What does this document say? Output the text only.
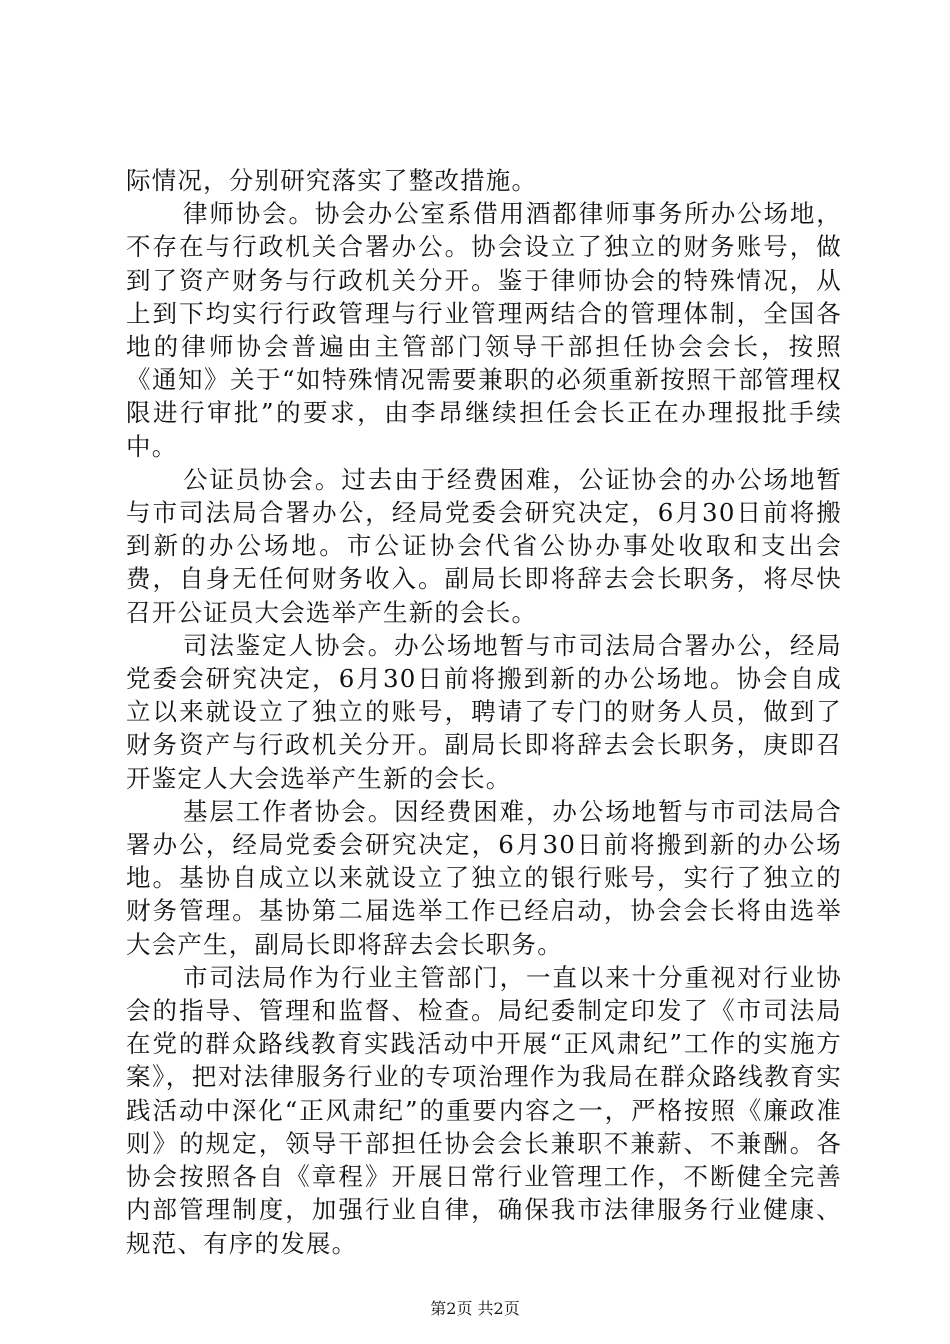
际情况，分别研究落实了整改措施。

律师协会。协会办公室系借用酒都律师事务所办公场地，不存在与行政机关合署办公。协会设立了独立的财务账号，做到了资产财务与行政机关分开。鉴于律师协会的特殊情况，从上到下均实行行政管理与行业管理两结合的管理体制，全国各地的律师协会普遍由主管部门领导干部担任协会会长，按照《通知》关于“如特殊情况需要兼职的必须重新按照干部管理权限进行审批”的要求，由李昂继续担任会长正在办理报批手续中。

公证员协会。过去由于经费困难，公证协会的办公场地暂与市司法局合署办公，经局党委会研究决定，6月30日前将搬到新的办公场地。市公证协会代省公协办事处收取和支出会费，自身无任何财务收入。副局长即将辞去会长职务，将尽快召开公证员大会选举产生新的会长。

司法鉴定人协会。办公场地暂与市司法局合署办公，经局党委会研究决定，6月30日前将搬到新的办公场地。协会自成立以来就设立了独立的账号，聘请了专门的财务人员，做到了财务资产与行政机关分开。副局长即将辞去会长职务，庚即召开鉴定人大会选举产生新的会长。

基层工作者协会。因经费困难，办公场地暂与市司法局合署办公，经局党委会研究决定，6月30日前将搬到新的办公场地。基协自成立以来就设立了独立的银行账号，实行了独立的财务管理。基协第二届选举工作已经启动，协会会长将由选举大会产生，副局长即将辞去会长职务。

市司法局作为行业主管部门，一直以来十分重视对行业协会的指导、管理和监督、检查。局纪委制定印发了《市司法局在党的群众路线教育实践活动中开展“正风肃纪”工作的实施方案》，把对法律服务行业的专项治理作为我局在群众路线教育实践活动中深化“正风肃纪”的重要内容之一，严格按照《廉政准则》的规定，领导干部担任协会会长兼职不兼薪、不兼酬。各协会按照各自《章程》开展日常行业管理工作，不断健全完善内部管理制度，加强行业自律，确保我市法律服务行业健康、规范、有序的发展。

第2页 共2页
